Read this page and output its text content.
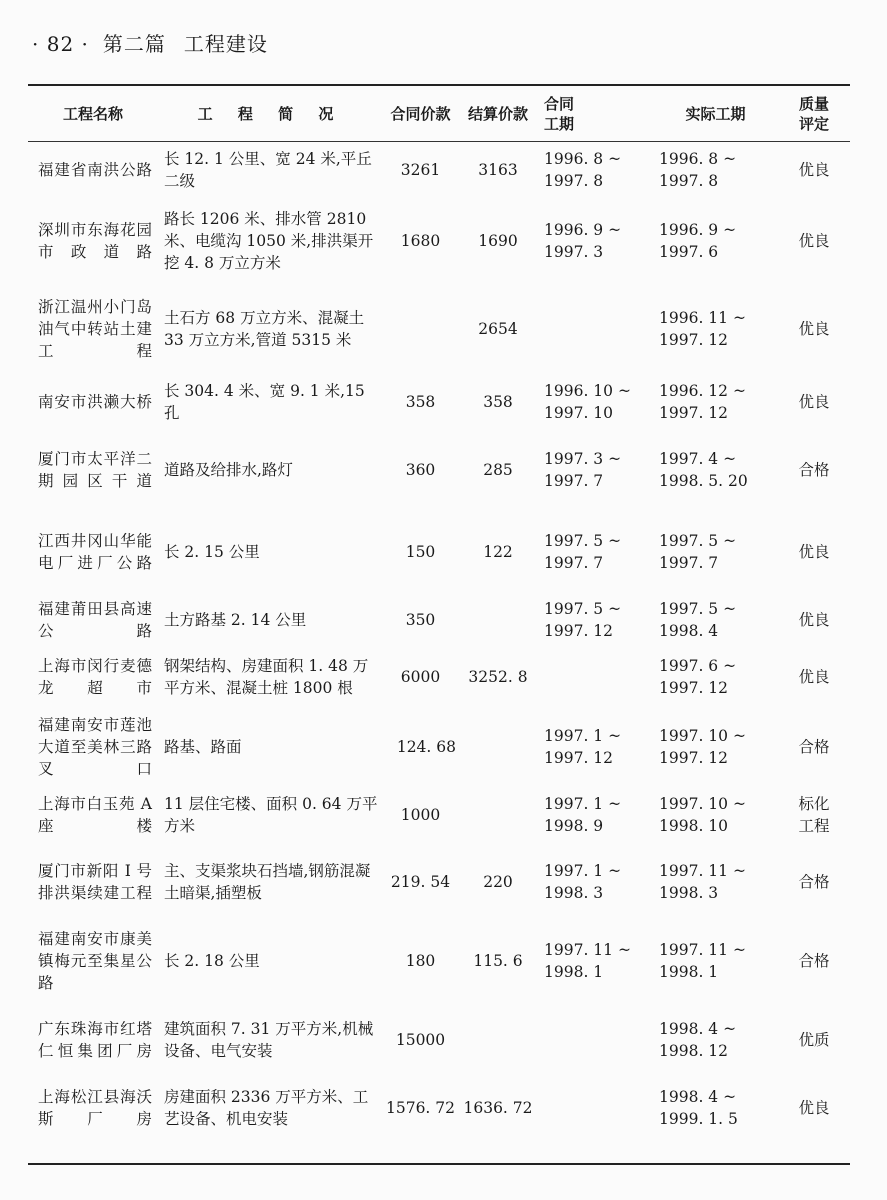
· 82 · 第二篇 工程建设
工程名称	工 程 简 况	合同价款	结算价款	合同
工期	实际工期	质量
评定
福建省南洪公路	长 12. 1 公里、宽 24 米,平丘二级	3261	3163	1996. 8 ~
1997. 8	1996. 8 ~
1997. 8	优良
深圳市东海花园市政道路	路长 1206 米、排水管 2810 米、电缆沟 1050 米,排洪渠开挖 4. 8 万立方米	1680	1690	1996. 9 ~
1997. 3	1996. 9 ~
1997. 6	优良
浙江温州小门岛油气中转站土建工程	土石方 68 万立方米、混凝土 33 万立方米,管道 5315 米		2654		1996. 11 ~
1997. 12	优良
南安市洪濑大桥	长 304. 4 米、宽 9. 1 米,15 孔	358	358	1996. 10 ~
1997. 10	1996. 12 ~
1997. 12	优良
厦门市太平洋二期园区干道	道路及给排水,路灯	360	285	1997. 3 ~
1997. 7	1997. 4 ~
1998. 5. 20	合格
江西井冈山华能电厂进厂公路	长 2. 15 公里	150	122	1997. 5 ~
1997. 7	1997. 5 ~
1997. 7	优良
福建莆田县高速公路	土方路基 2. 14 公里	350		1997. 5 ~
1997. 12	1997. 5 ~
1998. 4	优良
上海市闵行麦德龙超市	钢架结构、房建面积 1. 48 万平方米、混凝土桩 1800 根	6000	3252. 8		1997. 6 ~
1997. 12	优良
福建南安市莲池大道至美林三路叉口	路基、路面	124. 68		1997. 1 ~
1997. 12	1997. 10 ~
1997. 12	合格
上海市白玉苑 A 座楼	11 层住宅楼、面积 0. 64 万平方米	1000		1997. 1 ~
1998. 9	1997. 10 ~
1998. 10	标化
工程
厦门市新阳 I 号排洪渠续建工程	主、支渠浆块石挡墙,钢筋混凝土暗渠,插塑板	219. 54	220	1997. 1 ~
1998. 3	1997. 11 ~
1998. 3	合格
福建南安市康美镇梅元至集星公路	长 2. 18 公里	180	115. 6	1997. 11 ~
1998. 1	1997. 11 ~
1998. 1	合格
广东珠海市红塔仁恒集团厂房	建筑面积 7. 31 万平方米,机械设备、电气安装	15000			1998. 4 ~
1998. 12	优质
上海松江县海沃斯厂房	房建面积 2336 万平方米、工艺设备、机电安装	1576. 72	1636. 72		1998. 4 ~
1999. 1. 5	优良
